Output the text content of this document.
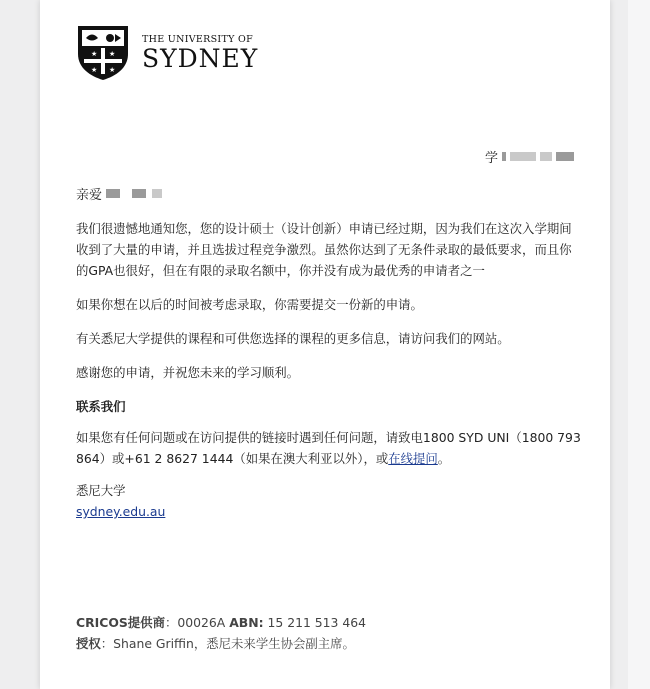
★ ★
★ ★
THE UNIVERSITY OF
SYDNEY
学
亲爱

我们很遗憾地通知您，您的设计硕士（设计创新）申请已经过期，因为我们在这次入学期间收到了大量的申请，并且选拔过程竞争激烈。虽然你达到了无条件录取的最低要求，而且你的GPA也很好，但在有限的录取名额中，你并没有成为最优秀的申请者之一

如果你想在以后的时间被考虑录取，你需要提交一份新的申请。

有关悉尼大学提供的课程和可供您选择的课程的更多信息，请访问我们的网站。

感谢您的申请，并祝您未来的学习顺利。

联系我们

如果您有任何问题或在访问提供的链接时遇到任何问题，请致电1800 SYD UNI（1800 793 864）或+61 2 8627 1444（如果在澳大利亚以外），或在线提问。

悉尼大学
sydney.edu.au
CRICOS提供商：00026A ABN: 15 211 513 464
授权：Shane Griffin，悉尼未来学生协会副主席。
